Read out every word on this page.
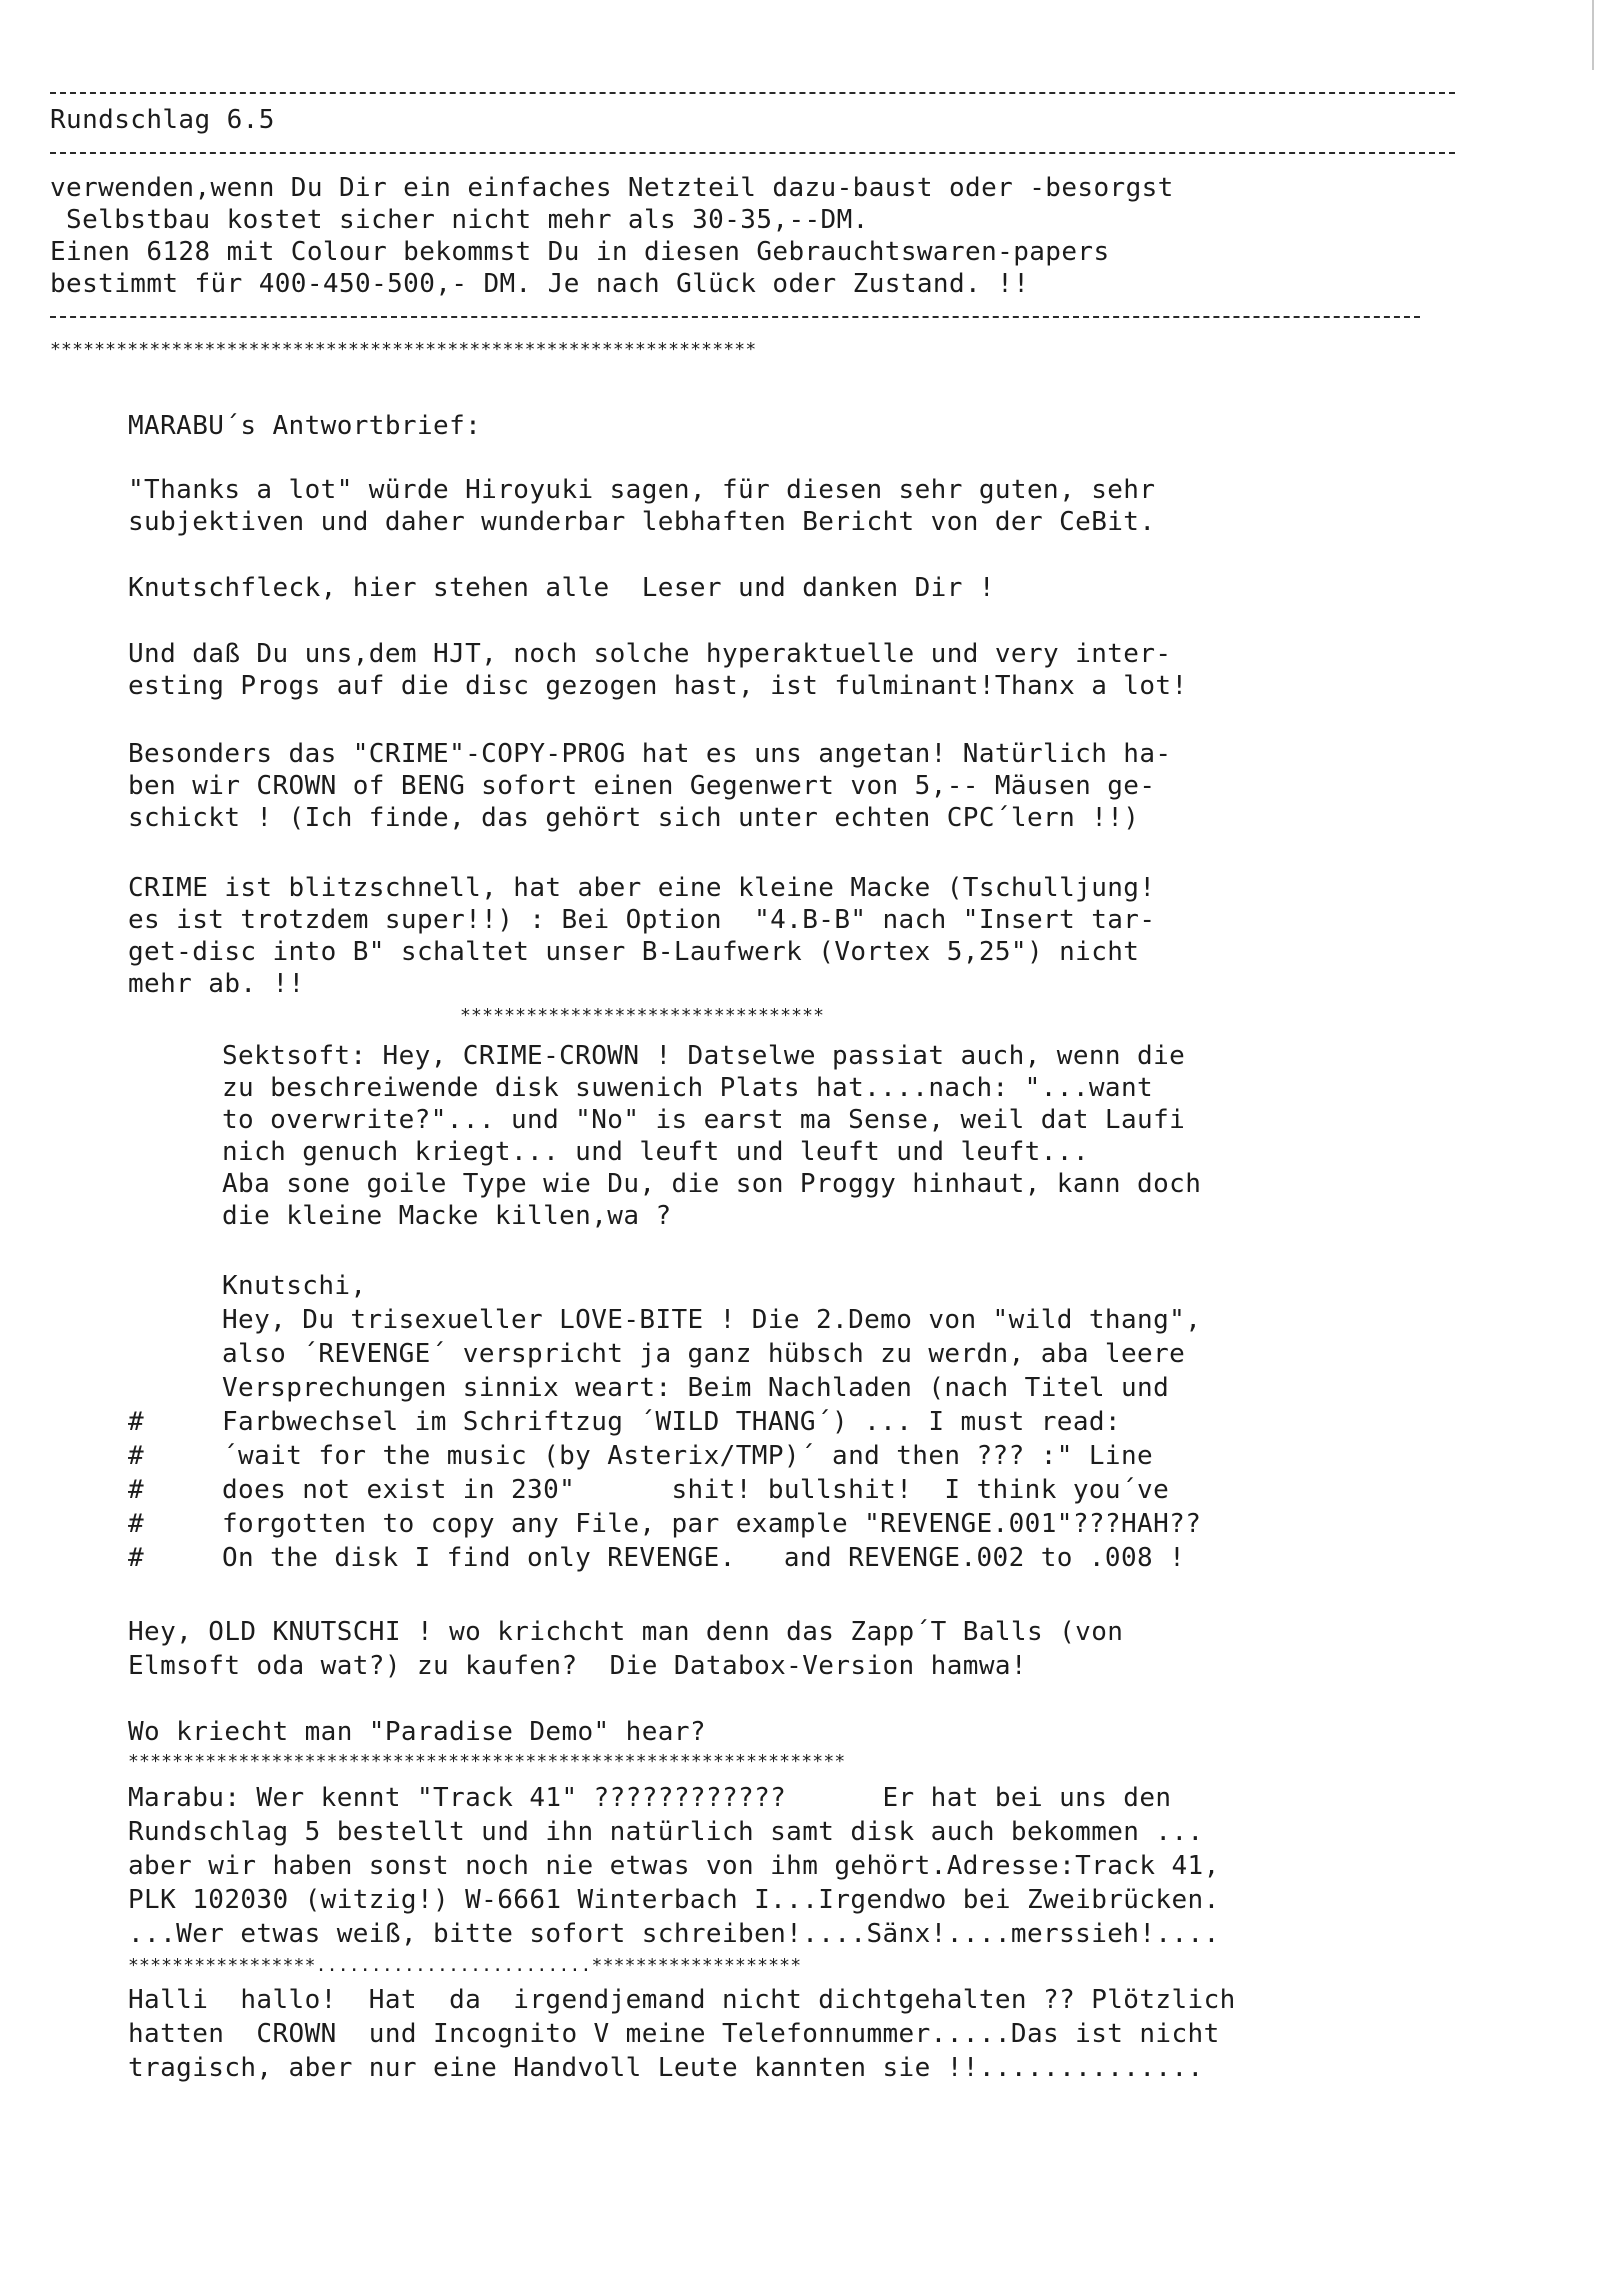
Rundschlag 6.5
verwenden,wenn Du Dir ein einfaches Netzteil dazu-baust oder -besorgst
Selbstbau kostet sicher nicht mehr als 30-35,--DM.
Einen 6128 mit Colour bekommst Du in diesen Gebrauchtswaren-papers
bestimmt für 400-450-500,- DM. Je nach Glück oder Zustand. !!
****************************************************************
MARABU´s Antwortbrief:
"Thanks a lot" würde Hiroyuki sagen, für diesen sehr guten, sehr
subjektiven und daher wunderbar lebhaften Bericht von der CeBit.
Knutschfleck, hier stehen alle  Leser und danken Dir !
Und daß Du uns,dem HJT, noch solche hyperaktuelle und very inter-
esting Progs auf die disc gezogen hast, ist fulminant!Thanx a lot!
Besonders das "CRIME"-COPY-PROG hat es uns angetan! Natürlich ha-
ben wir CROWN of BENG sofort einen Gegenwert von 5,-- Mäusen ge-
schickt ! (Ich finde, das gehört sich unter echten CPC´lern !!)
CRIME ist blitzschnell, hat aber eine kleine Macke (Tschulljung!
es ist trotzdem super!!) : Bei Option  "4.B-B" nach "Insert tar-
get-disc into B" schaltet unser B-Laufwerk (Vortex 5,25") nicht
mehr ab. !!
*********************************
Sektsoft: Hey, CRIME-CROWN ! Datselwe passiat auch, wenn die
zu beschreiwende disk suwenich Plats hat....nach: "...want
to overwrite?"... und "No" is earst ma Sense, weil dat Laufi
nich genuch kriegt... und leuft und leuft und leuft...
Aba sone goile Type wie Du, die son Proggy hinhaut, kann doch
die kleine Macke killen,wa ?
Knutschi,
Hey, Du trisexueller LOVE-BITE ! Die 2.Demo von "wild thang",
also ´REVENGE´ verspricht ja ganz hübsch zu werdn, aba leere
Versprechungen sinnix weart: Beim Nachladen (nach Titel und
Farbwechsel im Schriftzug ´WILD THANG´) ... I must read:
´wait for the music (by Asterix/TMP)´ and then ??? :" Line
does not exist in 230"      shit! bullshit!  I think you´ve
forgotten to copy any File, par example "REVENGE.001"???HAH??
On the disk I find only REVENGE.   and REVENGE.002 to .008 !
#
#
#
#
#
Hey, OLD KNUTSCHI ! wo krichcht man denn das Zapp´T Balls (von
Elmsoft oda wat?) zu kaufen?  Die Databox-Version hamwa!
Wo kriecht man "Paradise Demo" hear?
*****************************************************************
Marabu: Wer kennt "Track 41" ????????????      Er hat bei uns den
Rundschlag 5 bestellt und ihn natürlich samt disk auch bekommen ...
aber wir haben sonst noch nie etwas von ihm gehört.Adresse:Track 41,
PLK 102030 (witzig!) W-6661 Winterbach I...Irgendwo bei Zweibrücken.
...Wer etwas weiß, bitte sofort schreiben!....Sänx!....merssieh!....
*****************.........................*******************
Halli  hallo!  Hat  da  irgendjemand nicht dichtgehalten ?? Plötzlich
hatten  CROWN  und Incognito V meine Telefonnummer.....Das ist nicht
tragisch, aber nur eine Handvoll Leute kannten sie !!..............
